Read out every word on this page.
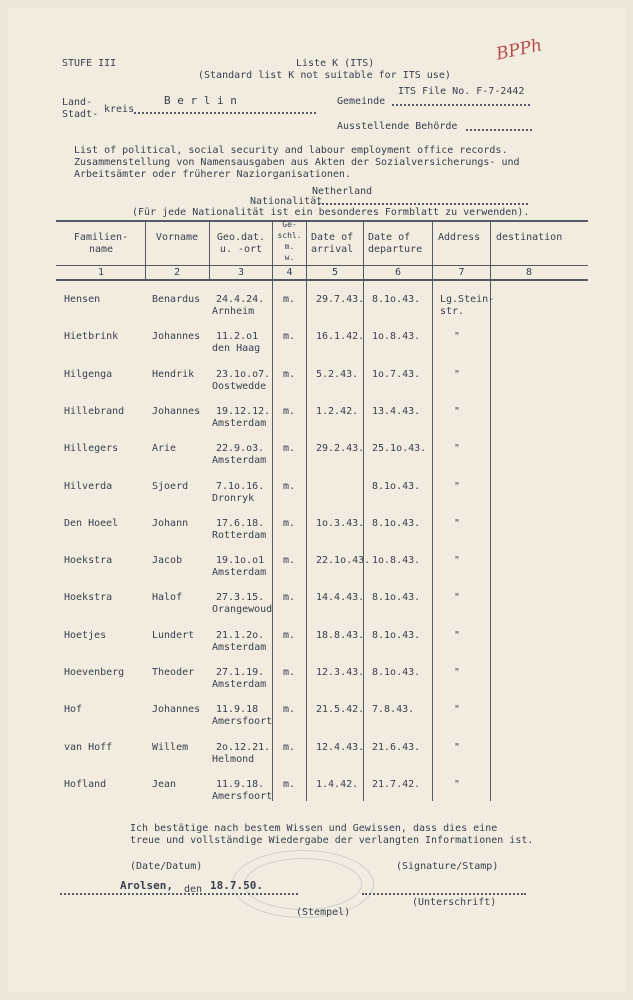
STUFE III	Liste K (ITS)
(Standard list K not suitable for ITS use)
BPPh
Land-
Stadt- kreis
B e r l i n	Gemeinde
ITS File No. F-7-2442
Ausstellende Behörde
List of political, social security and labour employment office records.
Zusammenstellung von Namensausgaben aus Akten der Sozialversicherungs- und
Arbeitsämter oder früherer Naziorganisationen.
Netherland
Nationalität
(Für jede Nationalität ist ein besonderes Formblatt zu verwenden).
Familien-
name
Vorname	Geo.dat.
u. -ort
Ge-
schl.
m.
w.
Date of
arrival
Date of
departure
Address destination
1	2	3	4	5	6	7	8
Hensen	Benardus 24.4.24.
Arnheim
m. 29.7.43. 8.1o.43. Lg.Stein-
str.
Hietbrink	Johannes 11.2.o1
den Haag
m. 16.1.42. 1o.8.43.	"
Hilgenga	Hendrik 23.1o.o7.
Oostwedde
m. 5.2.43. 1o.7.43.	"
Hillebrand	Johannes 19.12.12.
Amsterdam
m. 1.2.42. 13.4.43.	"
Hillegers	Arie	22.9.o3.
Amsterdam
m. 29.2.43. 25.1o.43.	"
Hilverda	Sjoerd	7.1o.16.
Dronryk
m.	8.1o.43.	"
Den Hoeel	Johann	17.6.18.
Rotterdam
m. 1o.3.43. 8.1o.43.	"
Hoekstra	Jacob	19.1o.o1
Amsterdam
m. 22.1o.43. 1o.8.43.	"
Hoekstra	Halof	27.3.15.
Orangewoud
m. 14.4.43. 8.1o.43.	"
Hoetjes	Lundert 21.1.2o.
Amsterdam
m. 18.8.43. 8.1o.43.	"
Hoevenberg	Theoder 27.1.19.
Amsterdam
m. 12.3.43. 8.1o.43.	"
Hof	Johannes 11.9.18
Amersfoort
m. 21.5.42. 7.8.43.	"
van Hoff	Willem	2o.12.21.
Helmond
m. 12.4.43. 21.6.43.	"
Hofland	Jean	11.9.18.
Amersfoort
m. 1.4.42. 21.7.42.	"
Ich bestätige nach bestem Wissen und Gewissen, dass dies eine
treue und vollständige Wiedergabe der verlangten Informationen ist.
(Date/Datum)	(Signature/Stamp)
Arolsen, den 18.7.50.
(Stempel)
(Unterschrift)
